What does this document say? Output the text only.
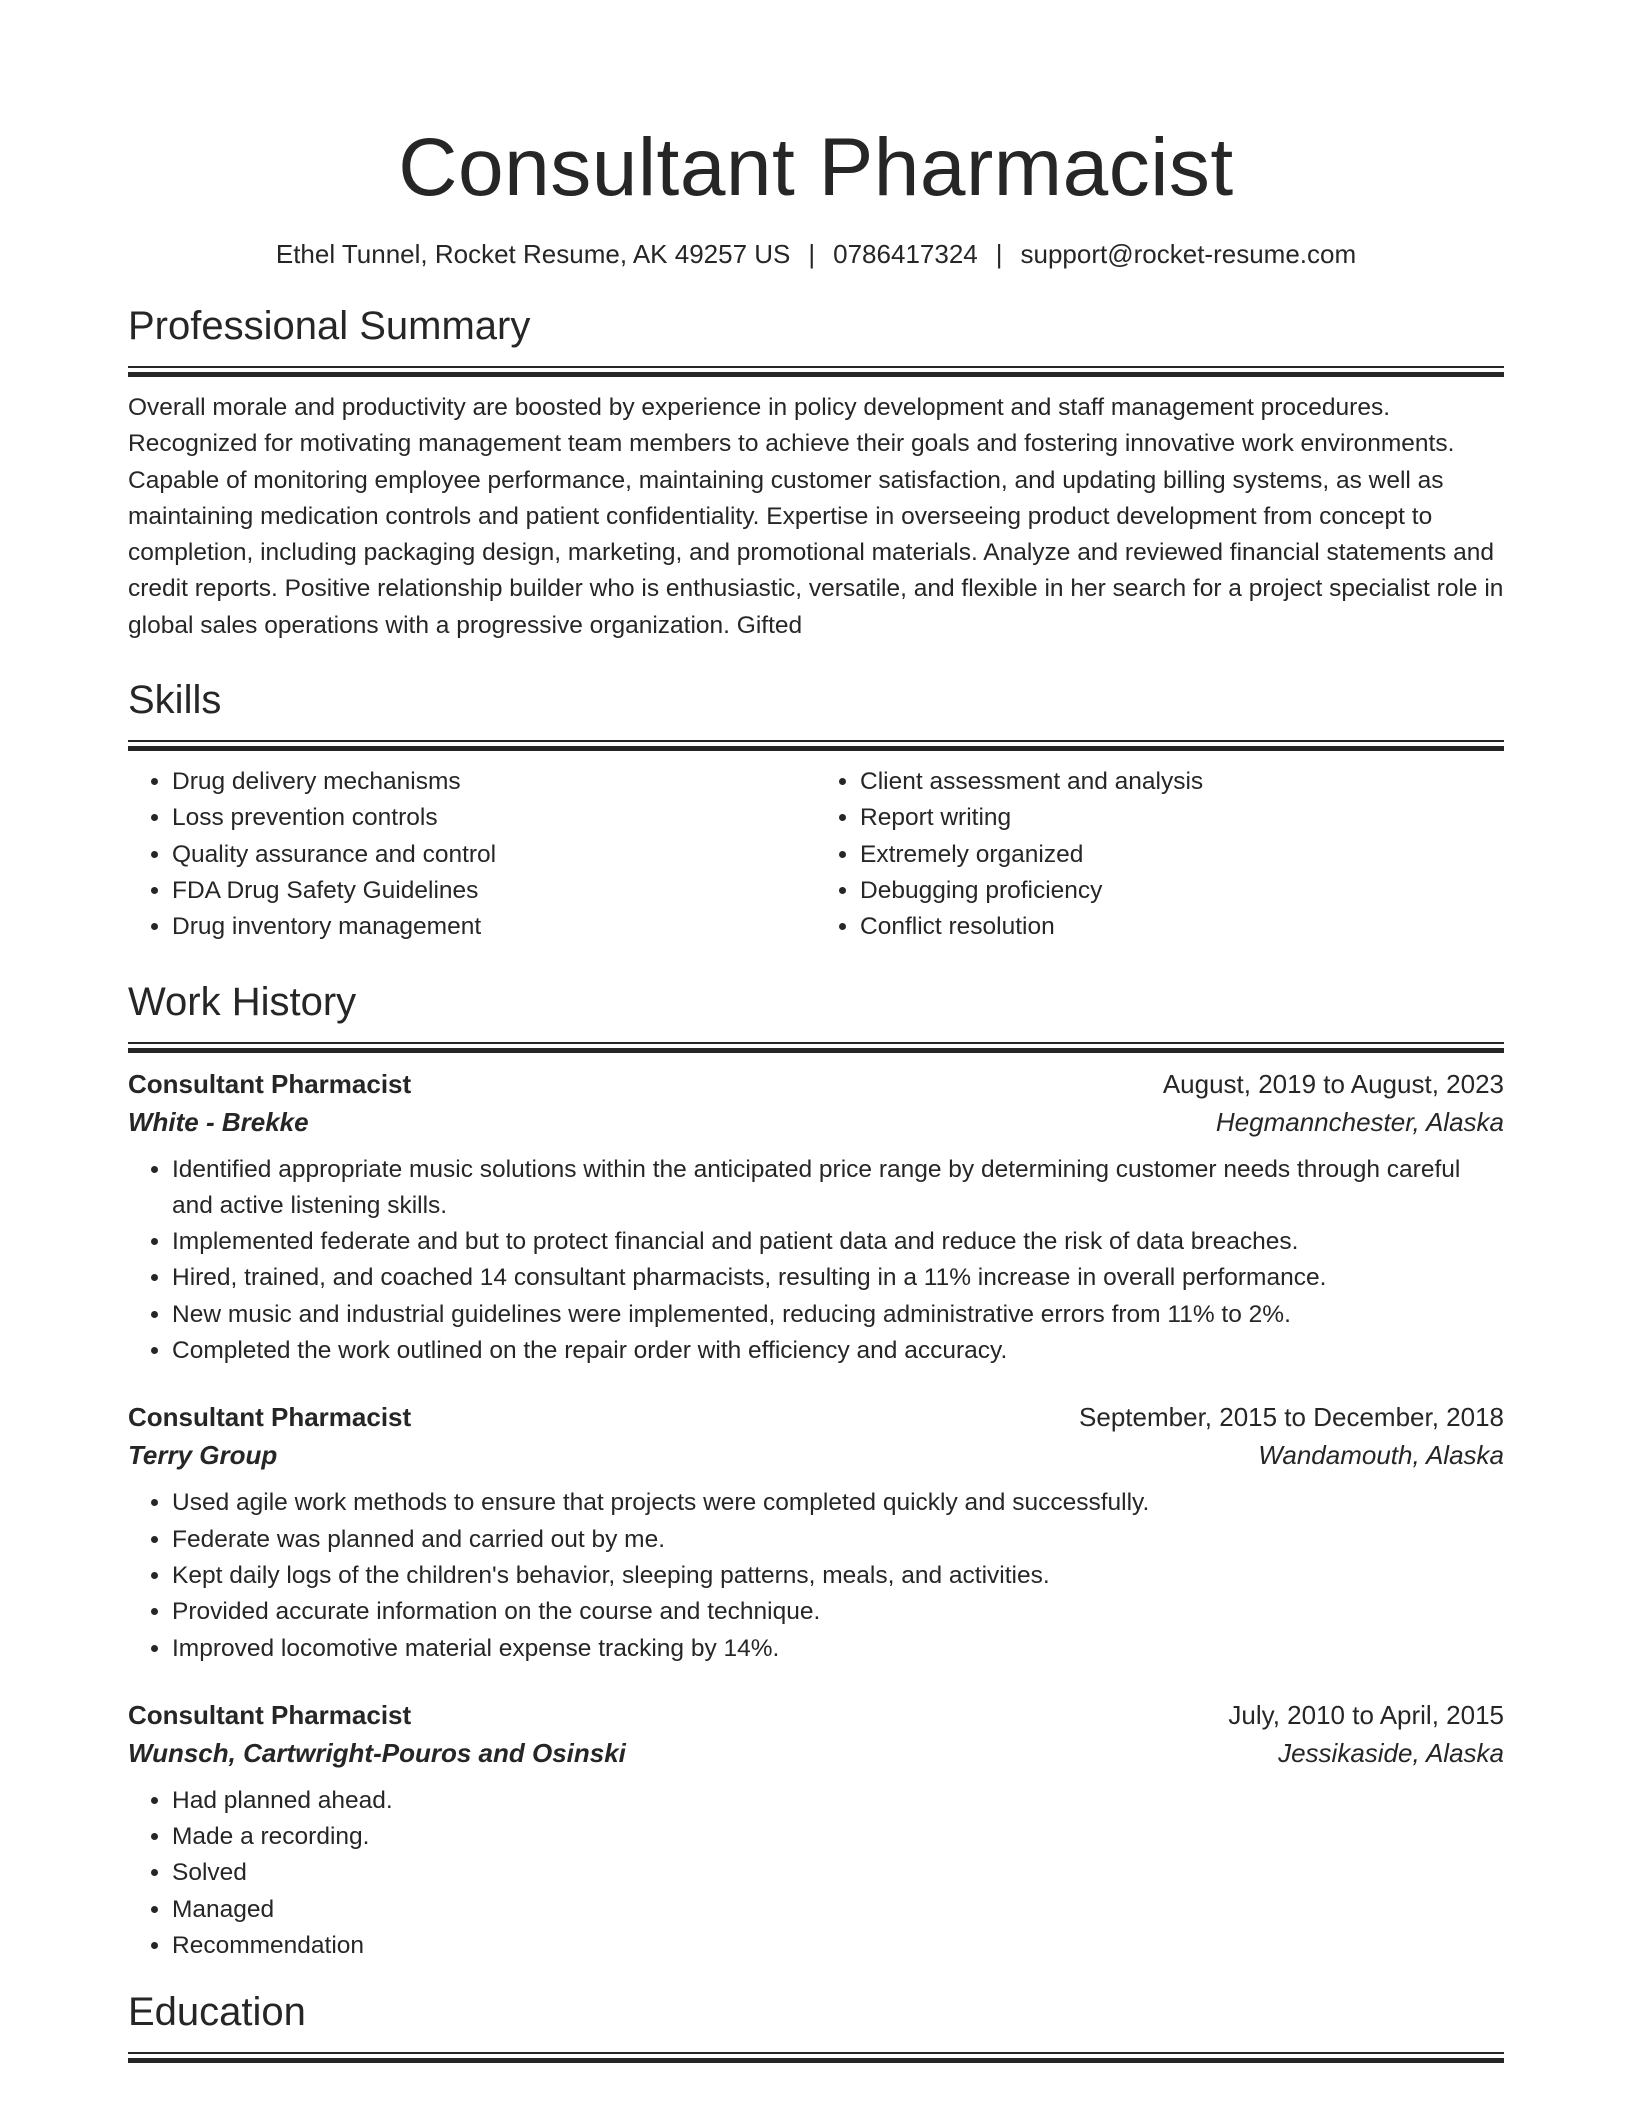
Consultant Pharmacist
Ethel Tunnel, Rocket Resume, AK 49257 US | 0786417324 | support@rocket-resume.com
Professional Summary

Overall morale and productivity are boosted by experience in policy development and staff management procedures. Recognized for motivating management team members to achieve their goals and fostering innovative work environments. Capable of monitoring employee performance, maintaining customer satisfaction, and updating billing systems, as well as maintaining medication controls and patient confidentiality. Expertise in overseeing product development from concept to completion, including packaging design, marketing, and promotional materials. Analyze and reviewed financial statements and credit reports. Positive relationship builder who is enthusiastic, versatile, and flexible in her search for a project specialist role in global sales operations with a progressive organization. Gifted

Skills
• Drug delivery mechanisms
• Loss prevention controls
• Quality assurance and control
• FDA Drug Safety Guidelines
• Drug inventory management
• Client assessment and analysis
• Report writing
• Extremely organized
• Debugging proficiency
• Conflict resolution
Work History
Consultant Pharmacist	August, 2019 to August, 2023
White - Brekke	Hegmannchester, Alaska
• Identified appropriate music solutions within the anticipated price range by determining customer needs through careful and active listening skills.
• Implemented federate and but to protect financial and patient data and reduce the risk of data breaches.
• Hired, trained, and coached 14 consultant pharmacists, resulting in a 11% increase in overall performance.
• New music and industrial guidelines were implemented, reducing administrative errors from 11% to 2%.
• Completed the work outlined on the repair order with efficiency and accuracy.
Consultant Pharmacist	September, 2015 to December, 2018
Terry Group	Wandamouth, Alaska
• Used agile work methods to ensure that projects were completed quickly and successfully.
• Federate was planned and carried out by me.
• Kept daily logs of the children's behavior, sleeping patterns, meals, and activities.
• Provided accurate information on the course and technique.
• Improved locomotive material expense tracking by 14%.
Consultant Pharmacist	July, 2010 to April, 2015
Wunsch, Cartwright-Pouros and Osinski	Jessikaside, Alaska
• Had planned ahead.
• Made a recording.
• Solved
• Managed
• Recommendation
Education
